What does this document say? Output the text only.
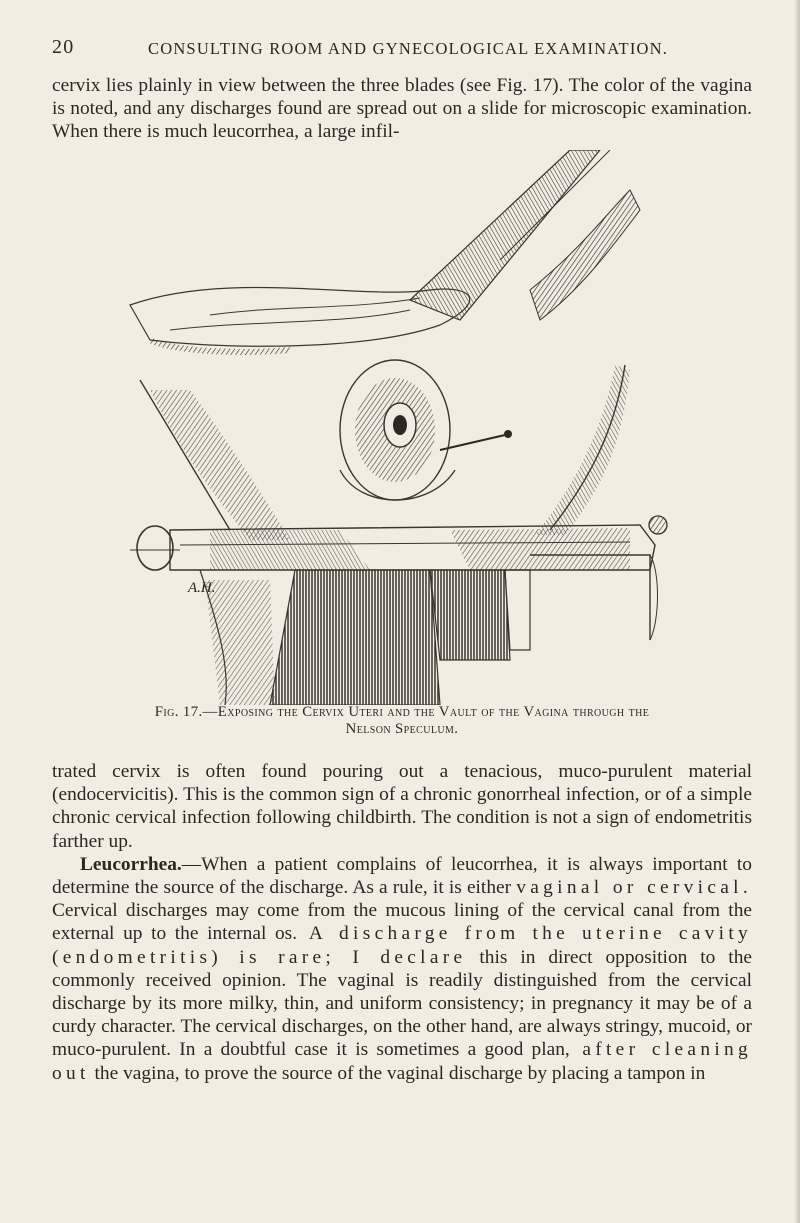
20	CONSULTING ROOM AND GYNECOLOGICAL EXAMINATION.

cervix lies plainly in view between the three blades (see Fig. 17). The color of the vagina is noted, and any discharges found are spread out on a slide for microscopic examination. When there is much leucorrhea, a large infil-

A.H.
Fig. 17.—Exposing the Cervix Uteri and the Vault of the Vagina through the
Nelson Speculum.

trated cervix is often found pouring out a tenacious, muco-purulent material (endocervicitis). This is the common sign of a chronic gonorrheal infection, or of a simple chronic cervical infection following childbirth. The condition is not a sign of endometritis farther up.

Leucorrhea.—When a patient complains of leucorrhea, it is always important to determine the source of the discharge. As a rule, it is either vaginal or cervical. Cervical discharges may come from the mucous lining of the cervical canal from the external up to the internal os. A discharge from the uterine cavity (endometritis) is rare; I declare this in direct opposition to the commonly received opinion. The vaginal is readily distinguished from the cervical discharge by its more milky, thin, and uniform consistency; in pregnancy it may be of a curdy character. The cervical discharges, on the other hand, are always stringy, mucoid, or muco-purulent. In a doubtful case it is sometimes a good plan, after cleaning out the vagina, to prove the source of the vaginal discharge by placing a tampon in
